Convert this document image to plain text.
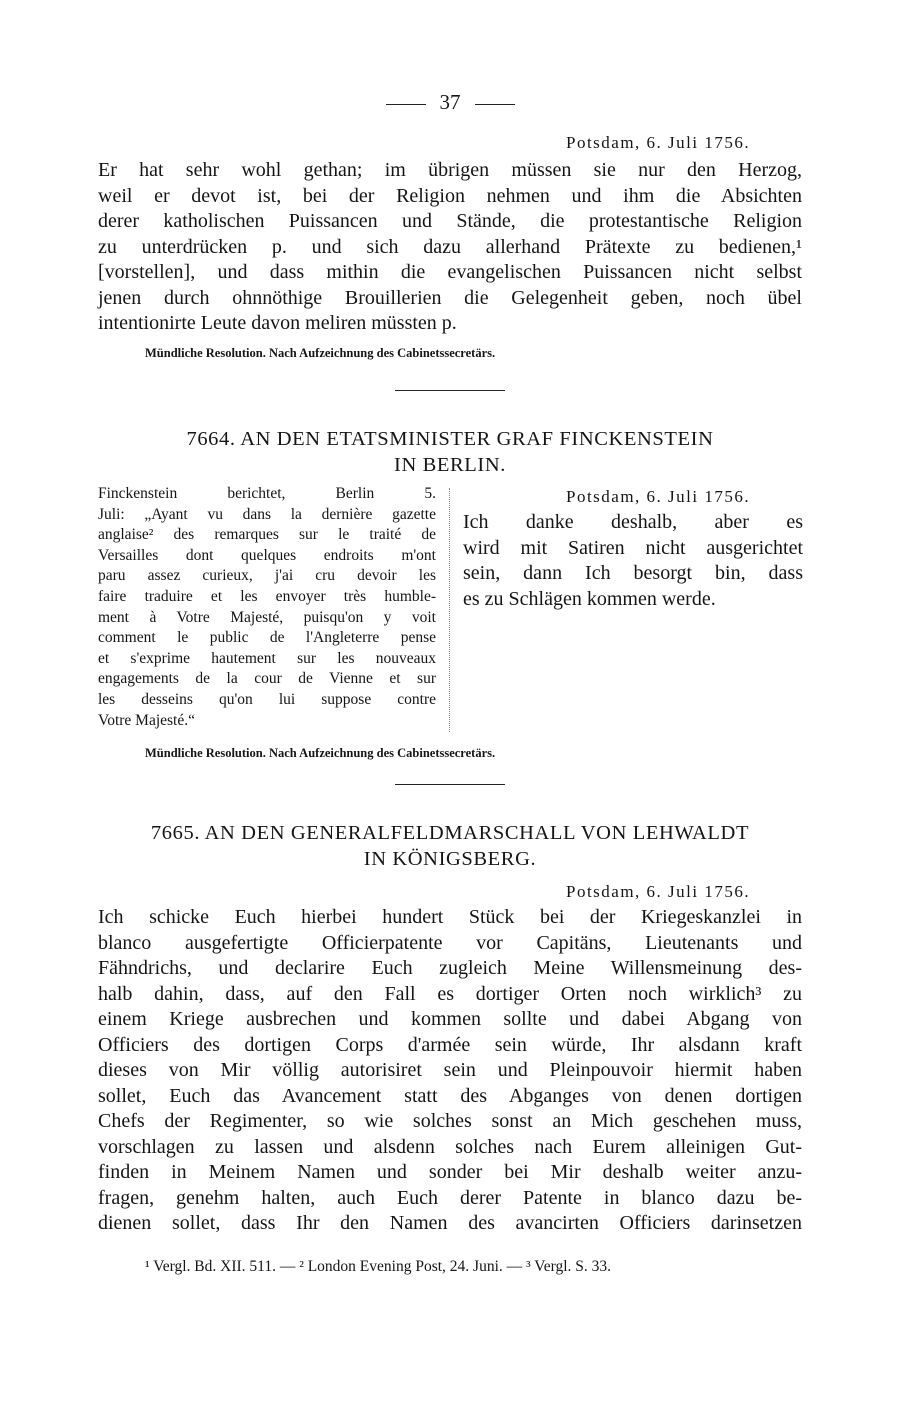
37
Potsdam, 6. Juli 1756.
Er hat sehr wohl gethan; im übrigen müssen sie nur den Herzog,
weil er devot ist, bei der Religion nehmen und ihm die Absichten
derer katholischen Puissancen und Stände, die protestantische Religion
zu unterdrücken p. und sich dazu allerhand Prätexte zu bedienen,¹
[vorstellen], und dass mithin die evangelischen Puissancen nicht selbst
jenen durch ohnnöthige Brouillerien die Gelegenheit geben, noch übel
intentionirte Leute davon meliren müssten p.
Mündliche Resolution. Nach Aufzeichnung des Cabinetssecretärs.
7664. AN DEN ETATSMINISTER GRAF FINCKENSTEIN
IN BERLIN.
Finckenstein berichtet, Berlin 5.
Juli: „Ayant vu dans la dernière gazette
anglaise² des remarques sur le traité de
Versailles dont quelques endroits m'ont
paru assez curieux, j'ai cru devoir les
faire traduire et les envoyer très humble-
ment à Votre Majesté, puisqu'on y voit
comment le public de l'Angleterre pense
et s'exprime hautement sur les nouveaux
engagements de la cour de Vienne et sur
les desseins qu'on lui suppose contre
Votre Majesté.“
Potsdam, 6. Juli 1756.
Ich danke deshalb, aber es
wird mit Satiren nicht ausgerichtet
sein, dann Ich besorgt bin, dass
es zu Schlägen kommen werde.
Mündliche Resolution. Nach Aufzeichnung des Cabinetssecretärs.
7665. AN DEN GENERALFELDMARSCHALL VON LEHWALDT
IN KÖNIGSBERG.
Potsdam, 6. Juli 1756.
Ich schicke Euch hierbei hundert Stück bei der Kriegeskanzlei in
blanco ausgefertigte Officierpatente vor Capitäns, Lieutenants und
Fähndrichs, und declarire Euch zugleich Meine Willensmeinung des-
halb dahin, dass, auf den Fall es dortiger Orten noch wirklich³ zu
einem Kriege ausbrechen und kommen sollte und dabei Abgang von
Officiers des dortigen Corps d'armée sein würde, Ihr alsdann kraft
dieses von Mir völlig autorisiret sein und Pleinpouvoir hiermit haben
sollet, Euch das Avancement statt des Abganges von denen dortigen
Chefs der Regimenter, so wie solches sonst an Mich geschehen muss,
vorschlagen zu lassen und alsdenn solches nach Eurem alleinigen Gut-
finden in Meinem Namen und sonder bei Mir deshalb weiter anzu-
fragen, genehm halten, auch Euch derer Patente in blanco dazu be-
dienen sollet, dass Ihr den Namen des avancirten Officiers darinsetzen
¹ Vergl. Bd. XII. 511. — ² London Evening Post, 24. Juni. — ³ Vergl. S. 33.
